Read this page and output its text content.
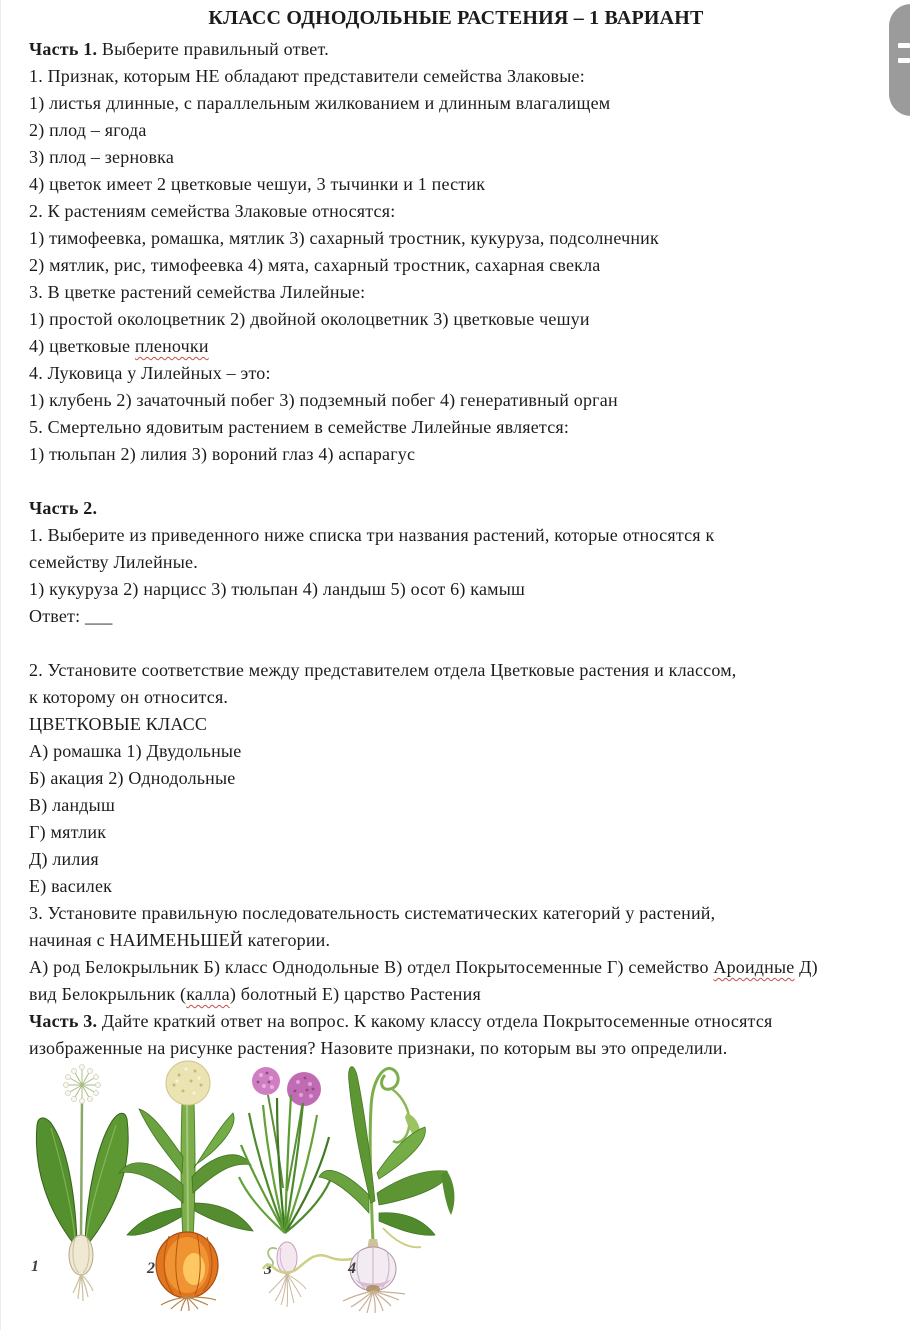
КЛАСС ОДНОДОЛЬНЫЕ РАСТЕНИЯ – 1 ВАРИАНТ
Часть 1. Выберите правильный ответ.
1. Признак, которым НЕ обладают представители семейства Злаковые:
1) листья длинные, с параллельным жилкованием и длинным влагалищем
2) плод – ягода
3) плод – зерновка
4) цветок имеет 2 цветковые чешуи, 3 тычинки и 1 пестик
2. К растениям семейства Злаковые относятся:
1) тимофеевка, ромашка, мятлик 3) сахарный тростник, кукуруза, подсолнечник
2) мятлик, рис, тимофеевка 4) мята, сахарный тростник, сахарная свекла
3. В цветке растений семейства Лилейные:
1) простой околоцветник 2) двойной околоцветник 3) цветковые чешуи
4) цветковые пленочки
4. Луковица у Лилейных – это:
1) клубень 2) зачаточный побег 3) подземный побег 4) генеративный орган
5. Смертельно ядовитым растением в семействе Лилейные является:
1) тюльпан 2) лилия 3) вороний глаз 4) аспарагус

Часть 2.
1. Выберите из приведенного ниже списка три названия растений, которые относятся к
семейству Лилейные.
1) кукуруза 2) нарцисс 3) тюльпан 4) ландыш 5) осот 6) камыш
Ответ: ___

2. Установите соответствие между представителем отдела Цветковые растения и классом,
к которому он относится.
ЦВЕТКОВЫЕ КЛАСС
А) ромашка 1) Двудольные
Б) акация 2) Однодольные
В) ландыш
Г) мятлик
Д) лилия
Е) василек
3. Установите правильную последовательность систематических категорий у растений,
начиная с НАИМЕНЬШЕЙ категории.
А) род Белокрыльник Б) класс Однодольные В) отдел Покрытосеменные Г) семейство Ароидные Д)
вид Белокрыльник (калла) болотный Е) царство Растения
Часть 3. Дайте краткий ответ на вопрос. К какому классу отдела Покрытосеменные относятся
изображенные на рисунке растения? Назовите признаки, по которым вы это определили.
1	2	3	4
